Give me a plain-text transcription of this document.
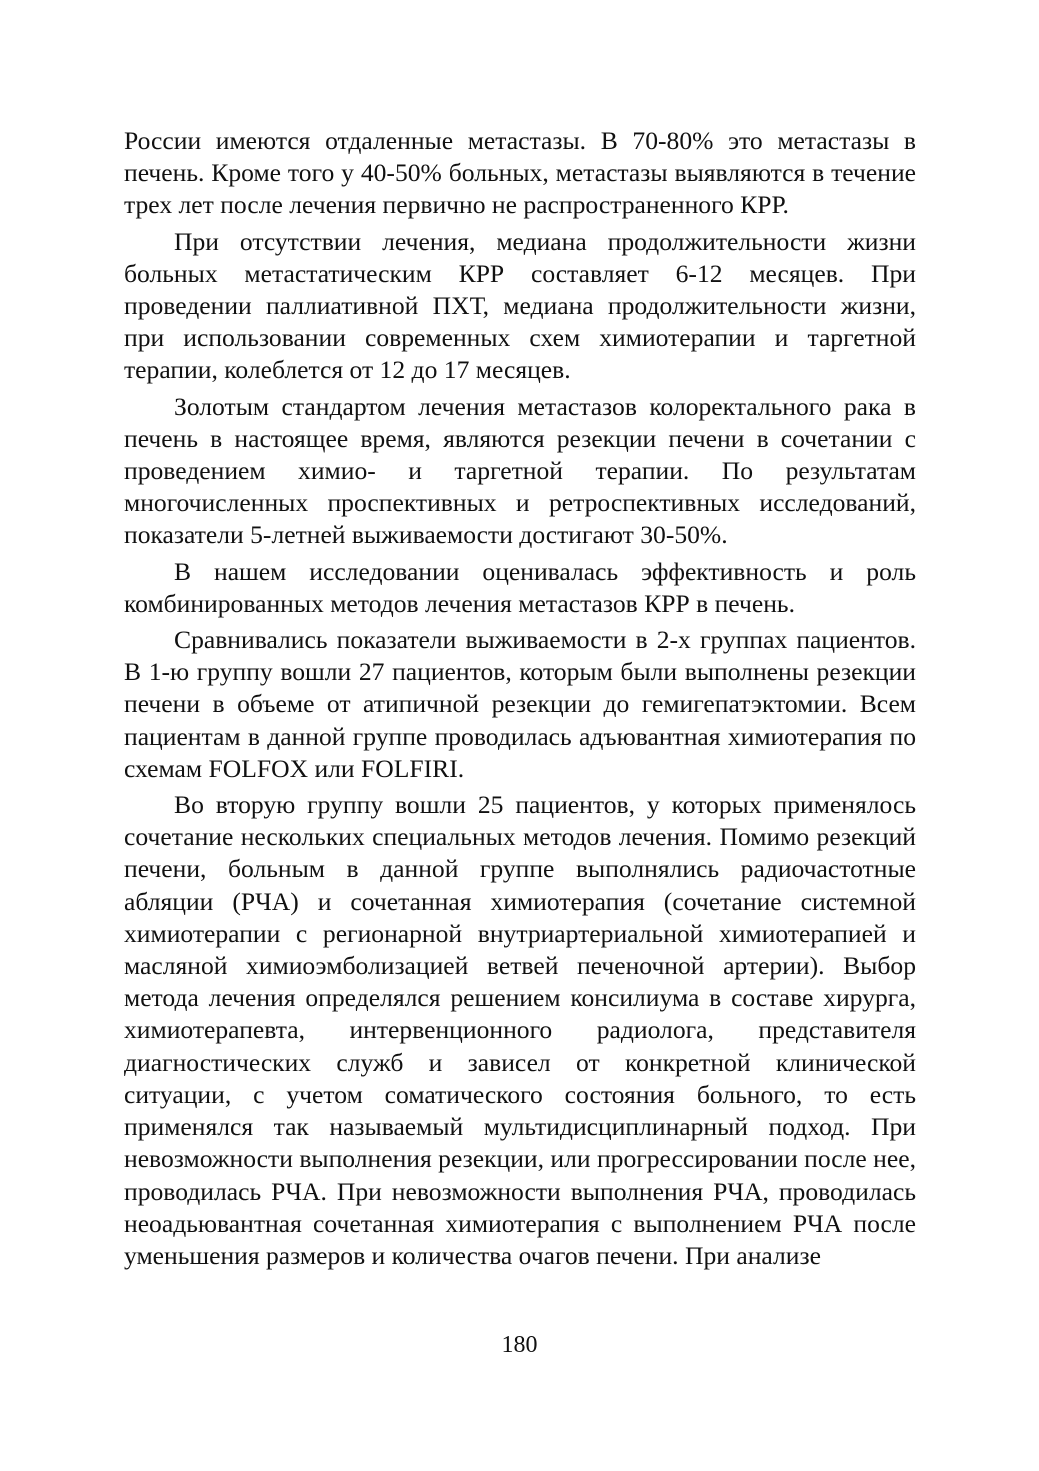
России имеются отдаленные метастазы. В 70-80% это метастазы в печень. Кроме того у 40-50% больных, метастазы выявляются в течение трех лет после лечения первично не распространенного КРР.

При отсутствии лечения, медиана продолжительности жизни больных метастатическим КРР составляет 6-12 месяцев. При проведении паллиативной ПХТ, медиана продолжительности жизни, при использовании современных схем химиотерапии и таргетной терапии, колеблется от 12 до 17 месяцев.

Золотым стандартом лечения метастазов колоректального рака в печень в настоящее время, являются резекции печени в сочетании с проведением химио- и таргетной терапии. По результатам многочисленных проспективных и ретроспективных исследований, показатели 5-летней выживаемости достигают 30-50%.

В нашем исследовании оценивалась эффективность и роль комбинированных методов лечения метастазов КРР в печень.

Сравнивались показатели выживаемости в 2-х группах пациентов. В 1-ю группу вошли 27 пациентов, которым были выполнены резекции печени в объеме от атипичной резекции до гемигепатэктомии. Всем пациентам в данной группе проводилась адъювантная химиотерапия по схемам FOLFOX или FOLFIRI.

Во вторую группу вошли 25 пациентов, у которых применялось сочетание нескольких специальных методов лечения. Помимо резекций печени, больным в данной группе выполнялись радиочастотные абляции (РЧА) и сочетанная химиотерапия (сочетание системной химиотерапии с регионарной внутриартериальной химиотерапией и масляной химиоэмболизацией ветвей печеночной артерии). Выбор метода лечения определялся решением консилиума в составе хирурга, химиотерапевта, интервенционного радиолога, представителя диагностических служб и зависел от конкретной клинической ситуации, с учетом соматического состояния больного, то есть применялся так называемый мультидисциплинарный подход. При невозможности выполнения резекции, или прогрессировании после нее, проводилась РЧА. При невозможности выполнения РЧА, проводилась неоадьювантная сочетанная химиотерапия с выполнением РЧА после уменьшения размеров и количества очагов печени. При анализе

180
